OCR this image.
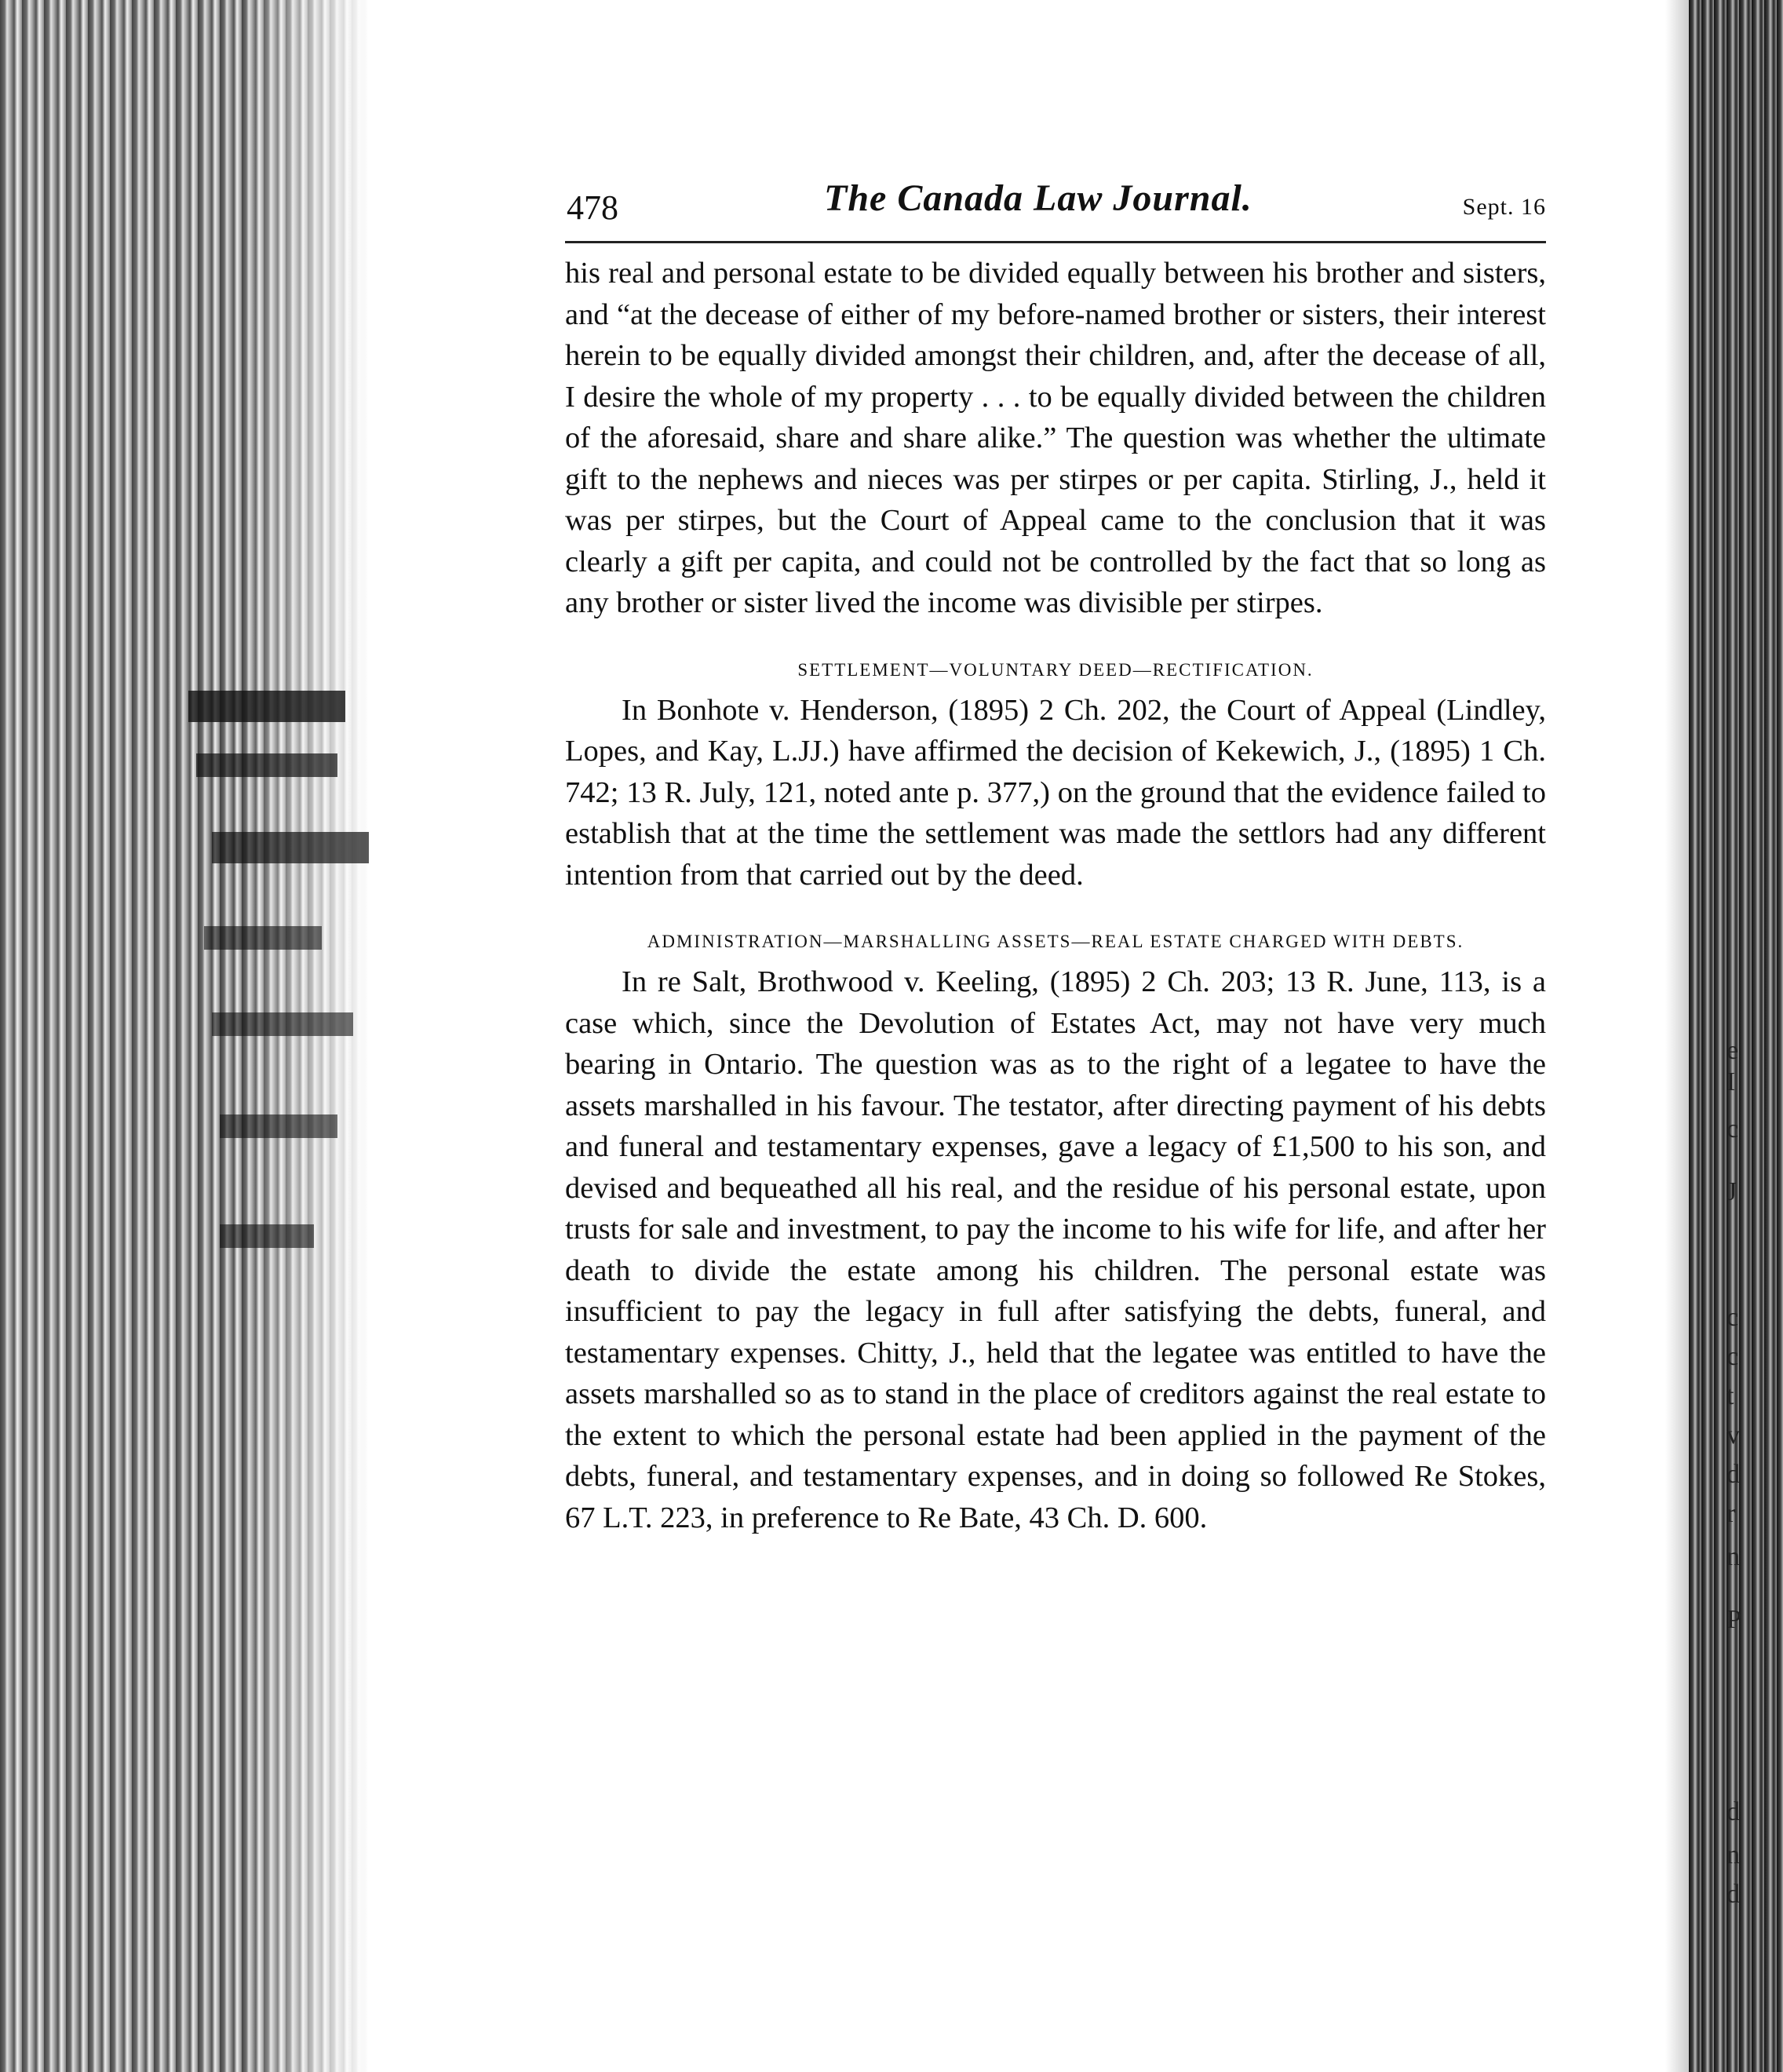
478	The Canada Law Journal.	Sept. 16

his real and personal estate to be divided equally between his brother and sisters, and “at the decease of either of my before-named brother or sisters, their interest herein to be equally divided amongst their children, and, after the decease of all, I desire the whole of my property . . . to be equally divided between the children of the aforesaid, share and share alike.” The question was whether the ultimate gift to the nephews and nieces was per stirpes or per capita. Stirling, J., held it was per stirpes, but the Court of Appeal came to the conclusion that it was clearly a gift per capita, and could not be controlled by the fact that so long as any brother or sister lived the income was divisible per stirpes.

SETTLEMENT—VOLUNTARY DEED—RECTIFICATION.

In Bonhote v. Henderson, (1895) 2 Ch. 202, the Court of Appeal (Lindley, Lopes, and Kay, L.JJ.) have affirmed the decision of Kekewich, J., (1895) 1 Ch. 742; 13 R. July, 121, noted ante p. 377,) on the ground that the evidence failed to establish that at the time the settlement was made the settlors had any different intention from that carried out by the deed.

ADMINISTRATION—MARSHALLING ASSETS—REAL ESTATE CHARGED WITH DEBTS.

In re Salt, Brothwood v. Keeling, (1895) 2 Ch. 203; 13 R. June, 113, is a case which, since the Devolution of Estates Act, may not have very much bearing in Ontario. The question was as to the right of a legatee to have the assets marshalled in his favour. The testator, after directing payment of his debts and funeral and testamentary expenses, gave a legacy of £1,500 to his son, and devised and bequeathed all his real, and the residue of his personal estate, upon trusts for sale and investment, to pay the income to his wife for life, and after her death to divide the estate among his children. The personal estate was insufficient to pay the legacy in full after satisfying the debts, funeral, and testamentary expenses. Chitty, J., held that the legatee was entitled to have the assets marshalled so as to stand in the place of creditors against the real estate to the extent to which the personal estate had been applied in the payment of the debts, funeral, and testamentary expenses, and in doing so followed Re Stokes, 67 L.T. 223, in preference to Re Bate, 43 Ch. D. 600.
